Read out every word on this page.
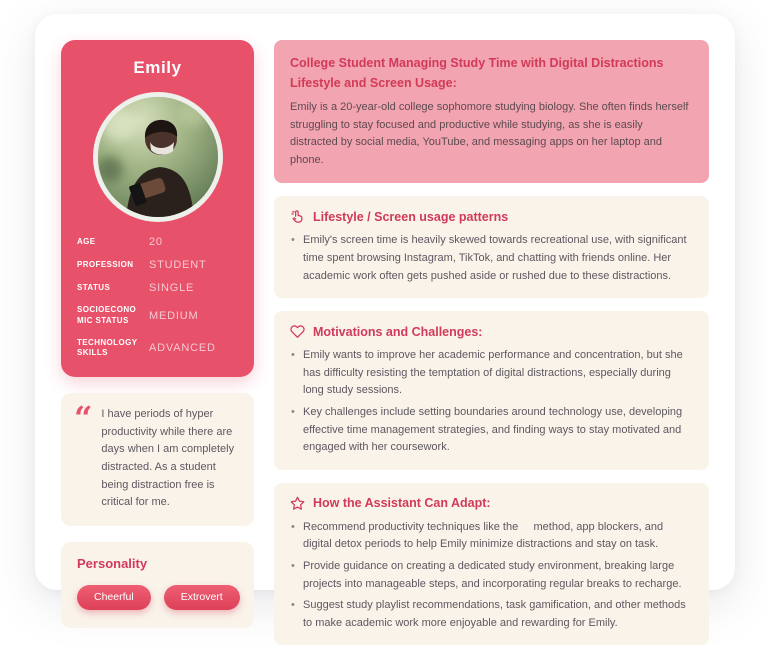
Emily
AGE	20
PROFESSION	STUDENT
STATUS	SINGLE
SOCIOECONOMIC STATUS	MEDIUM
TECHNOLOGY SKILLS	ADVANCED
“ I have periods of hyper productivity while there are days when I am completely distracted. As a student being distraction free is critical for me.
Personality
Cheerful	Extrovert
College Student Managing Study Time with Digital Distractions
Lifestyle and Screen Usage:
Emily is a 20-year-old college sophomore studying biology. She often finds herself struggling to stay focused and productive while studying, as she is easily distracted by social media, YouTube, and messaging apps on her laptop and phone.
Lifestyle / Screen usage patterns
• Emily's screen time is heavily skewed towards recreational use, with significant time spent browsing Instagram, TikTok, and chatting with friends online. Her academic work often gets pushed aside or rushed due to these distractions.
Motivations and Challenges:
• Emily wants to improve her academic performance and concentration, but she has difficulty resisting the temptation of digital distractions, especially during long study sessions.
• Key challenges include setting boundaries around technology use, developing effective time management strategies, and finding ways to stay motivated and engaged with her coursework.
How the Assistant Can Adapt:
• Recommend productivity techniques like the     method, app blockers, and digital detox periods to help Emily minimize distractions and stay on task.
• Provide guidance on creating a dedicated study environment, breaking large projects into manageable steps, and incorporating regular breaks to recharge.
• Suggest study playlist recommendations, task gamification, and other methods to make academic work more enjoyable and rewarding for Emily.
